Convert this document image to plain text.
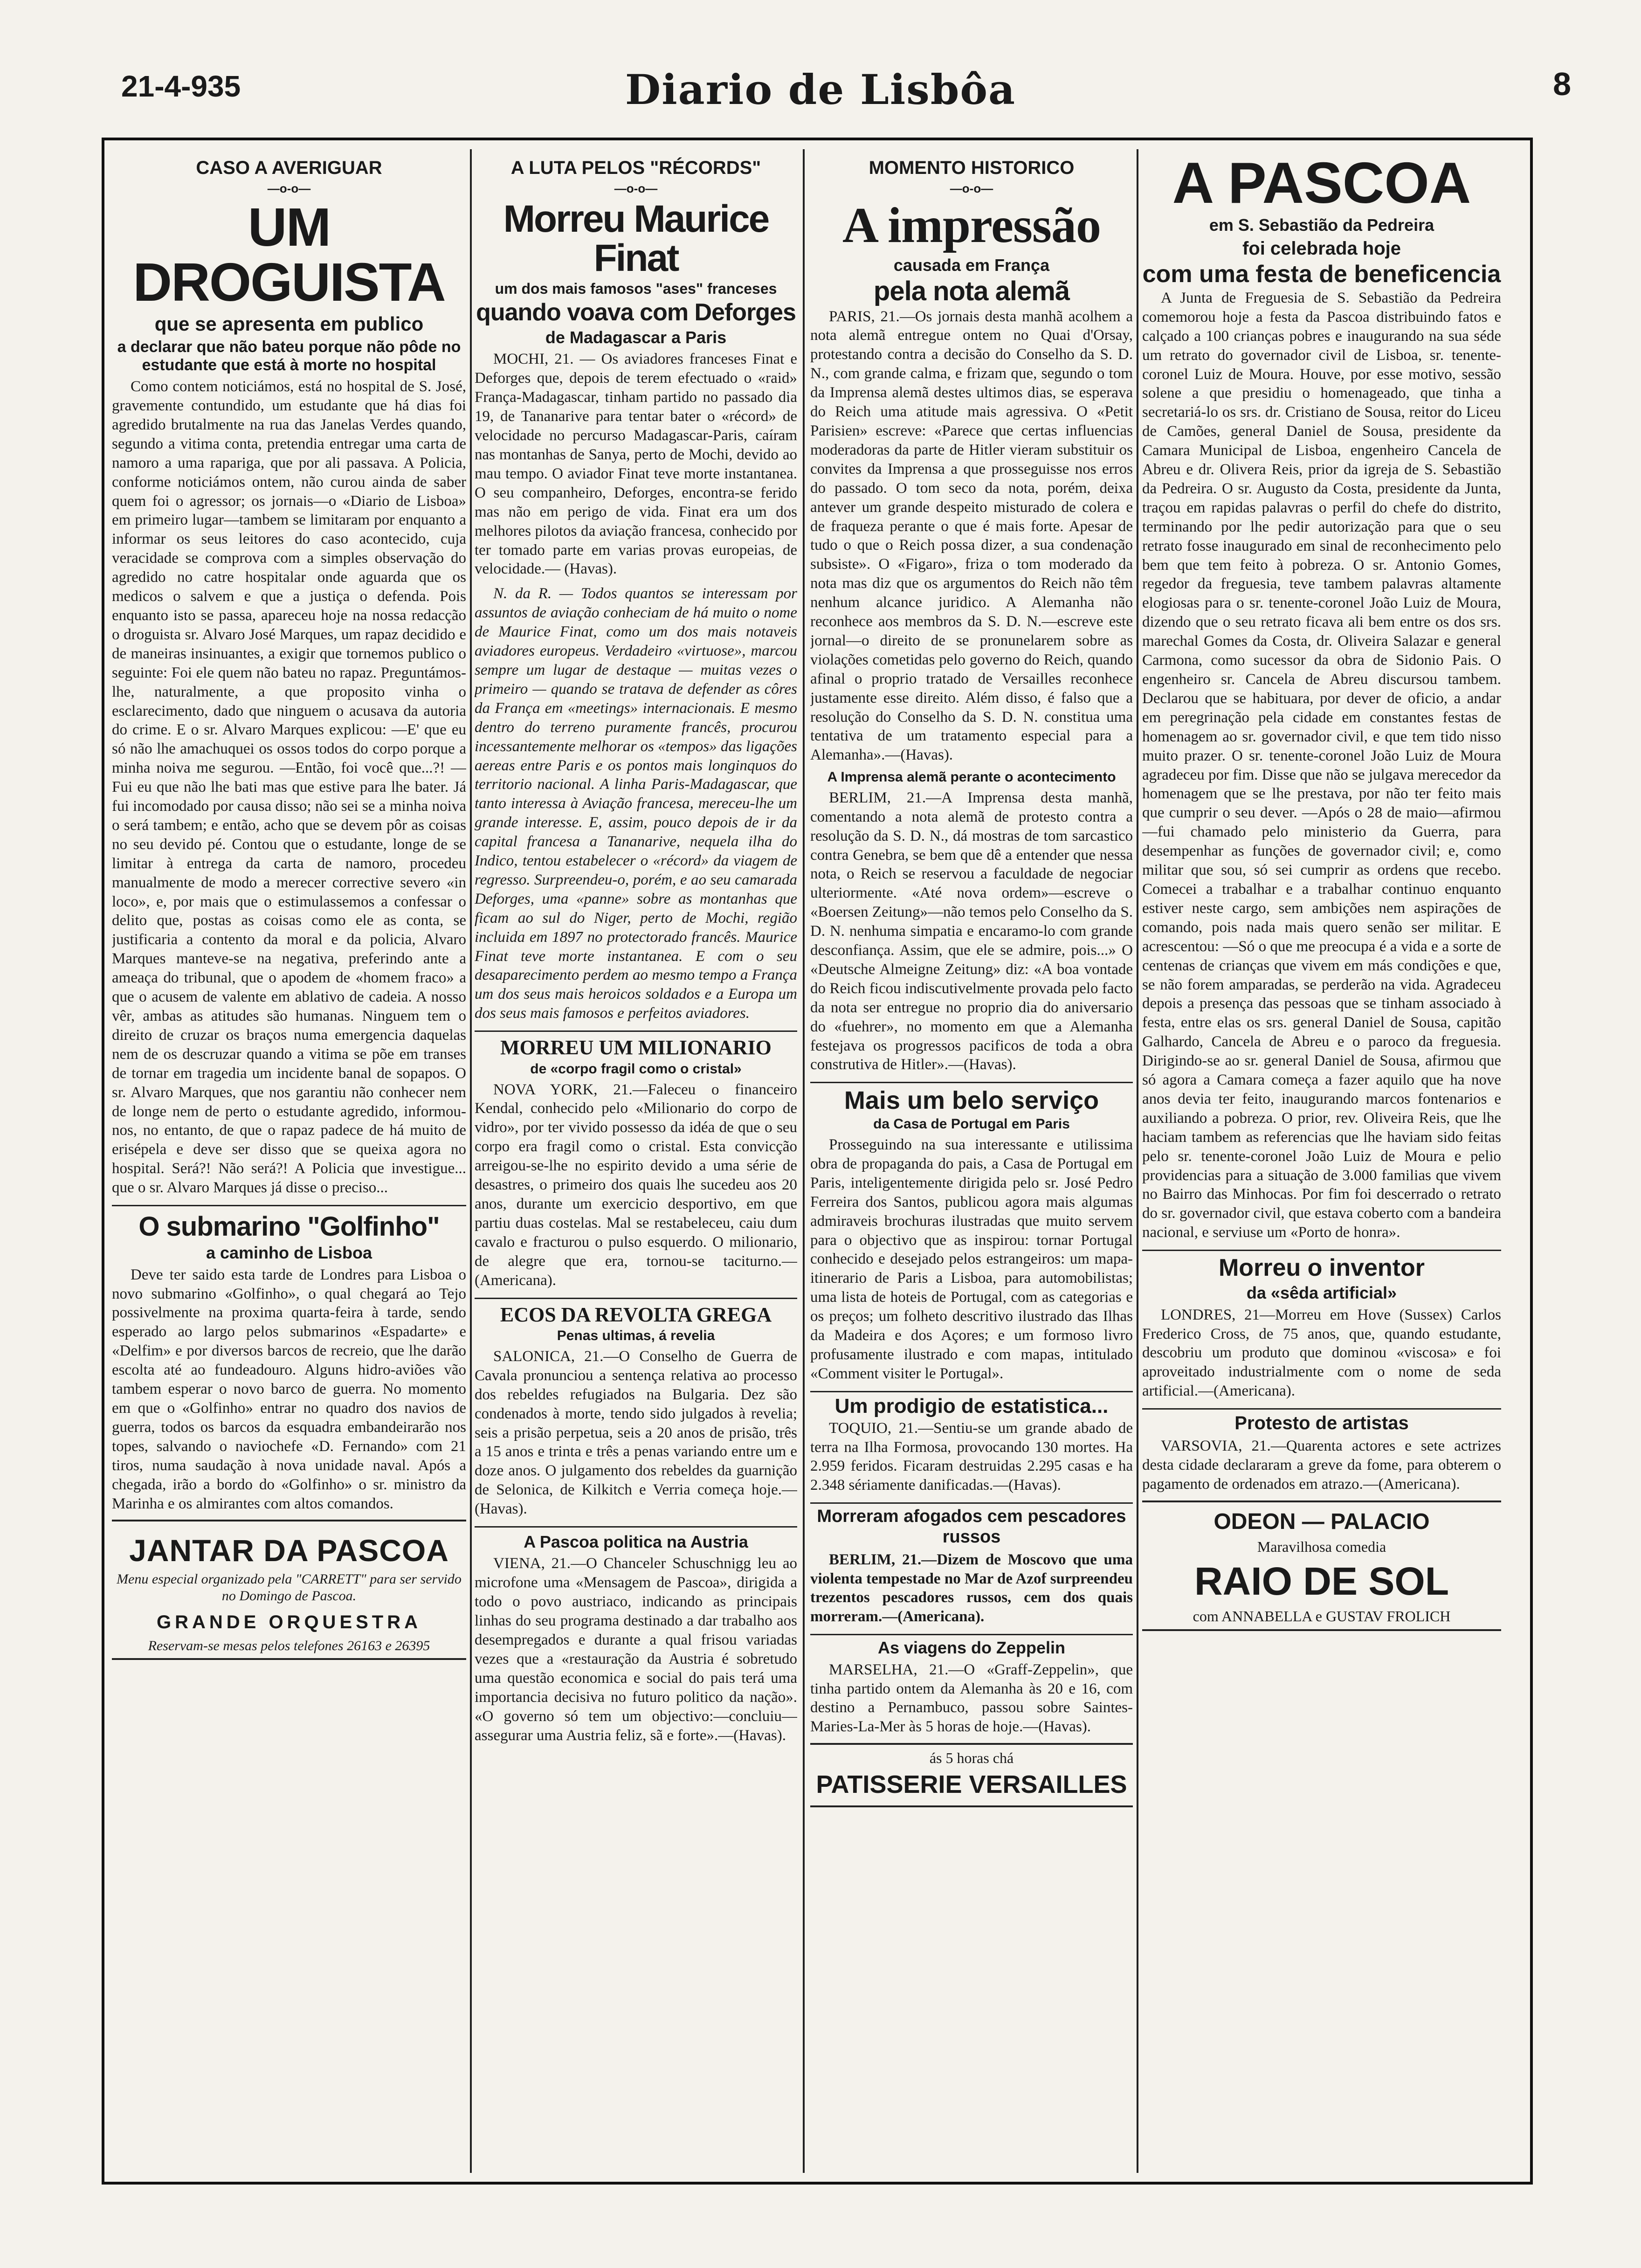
21-4-935	Diario de Lisbôa	8
CASO A AVERIGUAR
—o-o—
UM DROGUISTA
que se apresenta em publico
a declarar que não bateu porque não pôde no estudante que está à morte no hospital

Como contem noticiámos, está no hospital de S. José, gravemente contundido, um estudante que há dias foi agredido brutalmente na rua das Janelas Verdes quando, segundo a vitima conta, pretendia entregar uma carta de namoro a uma rapariga, que por ali passava. A Policia, conforme noticiámos ontem, não curou ainda de saber quem foi o agressor; os jornais—o «Diario de Lisboa» em primeiro lugar—tambem se limitaram por enquanto a informar os seus leitores do caso acontecido, cuja veracidade se comprova com a simples observação do agredido no catre hospitalar onde aguarda que os medicos o salvem e que a justiça o defenda. Pois enquanto isto se passa, apareceu hoje na nossa redacção o droguista sr. Alvaro José Marques, um rapaz decidido e de maneiras insinuantes, a exigir que tornemos publico o seguinte: Foi ele quem não bateu no rapaz. Preguntámos-lhe, naturalmente, a que proposito vinha o esclarecimento, dado que ninguem o acusava da autoria do crime. E o sr. Alvaro Marques explicou: —E' que eu só não lhe amachuquei os ossos todos do corpo porque a minha noiva me segurou. —Então, foi você que...?! —Fui eu que não lhe bati mas que estive para lhe bater. Já fui incomodado por causa disso; não sei se a minha noiva o será tambem; e então, acho que se devem pôr as coisas no seu devido pé. Contou que o estudante, longe de se limitar à entrega da carta de namoro, procedeu manualmente de modo a merecer corrective severo «in loco», e, por mais que o estimulassemos a confessar o delito que, postas as coisas como ele as conta, se justificaria a contento da moral e da policia, Alvaro Marques manteve-se na negativa, preferindo ante a ameaça do tribunal, que o apodem de «homem fraco» a que o acusem de valente em ablativo de cadeia. A nosso vêr, ambas as atitudes são humanas. Ninguem tem o direito de cruzar os braços numa emergencia daquelas nem de os descruzar quando a vitima se põe em transes de tornar em tragedia um incidente banal de sopapos. O sr. Alvaro Marques, que nos garantiu não conhecer nem de longe nem de perto o estudante agredido, informou-nos, no entanto, de que o rapaz padece de há muito de erisépela e deve ser disso que se queixa agora no hospital. Será?! Não será?! A Policia que investigue... que o sr. Alvaro Marques já disse o preciso...

O submarino "Golfinho"
a caminho de Lisboa

Deve ter saido esta tarde de Londres para Lisboa o novo submarino «Golfinho», o qual chegará ao Tejo possivelmente na proxima quarta-feira à tarde, sendo esperado ao largo pelos submarinos «Espadarte» e «Delfim» e por diversos barcos de recreio, que lhe darão escolta até ao fundeadouro. Alguns hidro-aviões vão tambem esperar o novo barco de guerra. No momento em que o «Golfinho» entrar no quadro dos navios de guerra, todos os barcos da esquadra embandeirarão nos topes, salvando o naviochefe «D. Fernando» com 21 tiros, numa saudação à nova unidade naval. Após a chegada, irão a bordo do «Golfinho» o sr. ministro da Marinha e os almirantes com altos comandos.

JANTAR DA PASCOA
Menu especial organizado pela "CARRETT" para ser servido no Domingo de Pascoa.
GRANDE ORQUESTRA
Reservam-se mesas pelos telefones 26163 e 26395
A LUTA PELOS "RÉCORDS"
—o-o—
Morreu Maurice Finat
um dos mais famosos "ases" franceses
quando voava com Deforges
de Madagascar a Paris

MOCHI, 21. — Os aviadores franceses Finat e Deforges que, depois de terem efectuado o «raid» França-Madagascar, tinham partido no passado dia 19, de Tananarive para tentar bater o «récord» de velocidade no percurso Madagascar-Paris, caíram nas montanhas de Sanya, perto de Mochi, devido ao mau tempo. O aviador Finat teve morte instantanea. O seu companheiro, Deforges, encontra-se ferido mas não em perigo de vida. Finat era um dos melhores pilotos da aviação francesa, conhecido por ter tomado parte em varias provas europeias, de velocidade.— (Havas).

N. da R. — Todos quantos se interessam por assuntos de aviação conheciam de há muito o nome de Maurice Finat, como um dos mais notaveis aviadores europeus. Verdadeiro «virtuose», marcou sempre um lugar de destaque — muitas vezes o primeiro — quando se tratava de defender as côres da França em «meetings» internacionais. E mesmo dentro do terreno puramente francês, procurou incessantemente melhorar os «tempos» das ligações aereas entre Paris e os pontos mais longinquos do territorio nacional. A linha Paris-Madagascar, que tanto interessa à Aviação francesa, mereceu-lhe um grande interesse. E, assim, pouco depois de ir da capital francesa a Tananarive, nequela ilha do Indico, tentou estabelecer o «récord» da viagem de regresso. Surpreendeu-o, porém, e ao seu camarada Deforges, uma «panne» sobre as montanhas que ficam ao sul do Niger, perto de Mochi, região incluida em 1897 no protectorado francês. Maurice Finat teve morte instantanea. E com o seu desaparecimento perdem ao mesmo tempo a França um dos seus mais heroicos soldados e a Europa um dos seus mais famosos e perfeitos aviadores.

MORREU UM MILIONARIO
de «corpo fragil como o cristal»

NOVA YORK, 21.—Faleceu o financeiro Kendal, conhecido pelo «Milionario do corpo de vidro», por ter vivido possesso da idéa de que o seu corpo era fragil como o cristal. Esta convicção arreigou-se-lhe no espirito devido a uma série de desastres, o primeiro dos quais lhe sucedeu aos 20 anos, durante um exercicio desportivo, em que partiu duas costelas. Mal se restabeleceu, caiu dum cavalo e fracturou o pulso esquerdo. O milionario, de alegre que era, tornou-se taciturno.—(Americana).

ECOS DA REVOLTA GREGA
Penas ultimas, á revelia

SALONICA, 21.—O Conselho de Guerra de Cavala pronunciou a sentença relativa ao processo dos rebeldes refugiados na Bulgaria. Dez são condenados à morte, tendo sido julgados à revelia; seis a prisão perpetua, seis a 20 anos de prisão, três a 15 anos e trinta e três a penas variando entre um e doze anos. O julgamento dos rebeldes da guarnição de Selonica, de Kilkitch e Verria começa hoje.—(Havas).

A Pascoa politica na Austria

VIENA, 21.—O Chanceler Schuschnigg leu ao microfone uma «Mensagem de Pascoa», dirigida a todo o povo austriaco, indicando as principais linhas do seu programa destinado a dar trabalho aos desempregados e durante a qual frisou variadas vezes que a «restauração da Austria é sobretudo uma questão economica e social do pais terá uma importancia decisiva no futuro politico da nação». «O governo só tem um objectivo:—concluiu—assegurar uma Austria feliz, sã e forte».—(Havas).

MOMENTO HISTORICO
—o-o—
A impressão
causada em França
pela nota alemã

PARIS, 21.—Os jornais desta manhã acolhem a nota alemã entregue ontem no Quai d'Orsay, protestando contra a decisão do Conselho da S. D. N., com grande calma, e frizam que, segundo o tom da Imprensa alemã destes ultimos dias, se esperava do Reich uma atitude mais agressiva. O «Petit Parisien» escreve: «Parece que certas influencias moderadoras da parte de Hitler vieram substituir os convites da Imprensa a que prosseguisse nos erros do passado. O tom seco da nota, porém, deixa antever um grande despeito misturado de colera e de fraqueza perante o que é mais forte. Apesar de tudo o que o Reich possa dizer, a sua condenação subsiste». O «Figaro», friza o tom moderado da nota mas diz que os argumentos do Reich não têm nenhum alcance juridico. A Alemanha não reconhece aos membros da S. D. N.—escreve este jornal—o direito de se pronunelarem sobre as violações cometidas pelo governo do Reich, quando afinal o proprio tratado de Versailles reconhece justamente esse direito. Além disso, é falso que a resolução do Conselho da S. D. N. constitua uma tentativa de um tratamento especial para a Alemanha».—(Havas).

A Imprensa alemã perante o acontecimento

BERLIM, 21.—A Imprensa desta manhã, comentando a nota alemã de protesto contra a resolução da S. D. N., dá mostras de tom sarcastico contra Genebra, se bem que dê a entender que nessa nota, o Reich se reservou a faculdade de negociar ulteriormente. «Até nova ordem»—escreve o «Boersen Zeitung»—não temos pelo Conselho da S. D. N. nenhuma simpatia e encaramo-lo com grande desconfiança. Assim, que ele se admire, pois...» O «Deutsche Almeigne Zeitung» diz: «A boa vontade do Reich ficou indiscutivelmente provada pelo facto da nota ser entregue no proprio dia do aniversario do «fuehrer», no momento em que a Alemanha festejava os progressos pacificos de toda a obra construtiva de Hitler».—(Havas).

Mais um belo serviço
da Casa de Portugal em Paris

Prosseguindo na sua interessante e utilissima obra de propaganda do pais, a Casa de Portugal em Paris, inteligentemente dirigida pelo sr. José Pedro Ferreira dos Santos, publicou agora mais algumas admiraveis brochuras ilustradas que muito servem para o objectivo que as inspirou: tornar Portugal conhecido e desejado pelos estrangeiros: um mapa-itinerario de Paris a Lisboa, para automobilistas; uma lista de hoteis de Portugal, com as categorias e os preços; um folheto descritivo ilustrado das Ilhas da Madeira e dos Açores; e um formoso livro profusamente ilustrado e com mapas, intitulado «Comment visiter le Portugal».

Um prodigio de estatistica...

TOQUIO, 21.—Sentiu-se um grande abado de terra na Ilha Formosa, provocando 130 mortes. Ha 2.959 feridos. Ficaram destruidas 2.295 casas e ha 2.348 sériamente danificadas.—(Havas).

Morreram afogados cem pescadores russos

BERLIM, 21.—Dizem de Moscovo que uma violenta tempestade no Mar de Azof surpreendeu trezentos pescadores russos, cem dos quais morreram.—(Americana).

As viagens do Zeppelin

MARSELHA, 21.—O «Graff-Zeppelin», que tinha partido ontem da Alemanha às 20 e 16, com destino a Pernambuco, passou sobre Saintes-Maries-La-Mer às 5 horas de hoje.—(Havas).

ás 5 horas chá
PATISSERIE VERSAILLES
A PASCOA
em S. Sebastião da Pedreira
foi celebrada hoje
com uma festa de beneficencia

A Junta de Freguesia de S. Sebastião da Pedreira comemorou hoje a festa da Pascoa distribuindo fatos e calçado a 100 crianças pobres e inaugurando na sua séde um retrato do governador civil de Lisboa, sr. tenente-coronel Luiz de Moura. Houve, por esse motivo, sessão solene a que presidiu o homenageado, que tinha a secretariá-lo os srs. dr. Cristiano de Sousa, reitor do Liceu de Camões, general Daniel de Sousa, presidente da Camara Municipal de Lisboa, engenheiro Cancela de Abreu e dr. Olivera Reis, prior da igreja de S. Sebastião da Pedreira. O sr. Augusto da Costa, presidente da Junta, traçou em rapidas palavras o perfil do chefe do distrito, terminando por lhe pedir autorização para que o seu retrato fosse inaugurado em sinal de reconhecimento pelo bem que tem feito à pobreza. O sr. Antonio Gomes, regedor da freguesia, teve tambem palavras altamente elogiosas para o sr. tenente-coronel João Luiz de Moura, dizendo que o seu retrato ficava ali bem entre os dos srs. marechal Gomes da Costa, dr. Oliveira Salazar e general Carmona, como sucessor da obra de Sidonio Pais. O engenheiro sr. Cancela de Abreu discursou tambem. Declarou que se habituara, por dever de oficio, a andar em peregrinação pela cidade em constantes festas de homenagem ao sr. governador civil, e que tem tido nisso muito prazer. O sr. tenente-coronel João Luiz de Moura agradeceu por fim. Disse que não se julgava merecedor da homenagem que se lhe prestava, por não ter feito mais que cumprir o seu dever. —Após o 28 de maio—afirmou—fui chamado pelo ministerio da Guerra, para desempenhar as funções de governador civil; e, como militar que sou, só sei cumprir as ordens que recebo. Comecei a trabalhar e a trabalhar continuo enquanto estiver neste cargo, sem ambições nem aspirações de comando, pois nada mais quero senão ser militar. E acrescentou: —Só o que me preocupa é a vida e a sorte de centenas de crianças que vivem em más condições e que, se não forem amparadas, se perderão na vida. Agradeceu depois a presença das pessoas que se tinham associado à festa, entre elas os srs. general Daniel de Sousa, capitão Galhardo, Cancela de Abreu e o paroco da freguesia. Dirigindo-se ao sr. general Daniel de Sousa, afirmou que só agora a Camara começa a fazer aquilo que ha nove anos devia ter feito, inaugurando marcos fontenarios e auxiliando a pobreza. O prior, rev. Oliveira Reis, que lhe haciam tambem as referencias que lhe haviam sido feitas pelo sr. tenente-coronel João Luiz de Moura e pelio providencias para a situação de 3.000 familias que vivem no Bairro das Minhocas. Por fim foi descerrado o retrato do sr. governador civil, que estava coberto com a bandeira nacional, e serviuse um «Porto de honra».

Morreu o inventor
da «sêda artificial»

LONDRES, 21—Morreu em Hove (Sussex) Carlos Frederico Cross, de 75 anos, que, quando estudante, descobriu um produto que dominou «viscosa» e foi aproveitado industrialmente com o nome de seda artificial.—(Americana).

Protesto de artistas

VARSOVIA, 21.—Quarenta actores e sete actrizes desta cidade declararam a greve da fome, para obterem o pagamento de ordenados em atrazo.—(Americana).

ODEON — PALACIO
Maravilhosa comedia
RAIO DE SOL
com ANNABELLA e GUSTAV FROLICH
